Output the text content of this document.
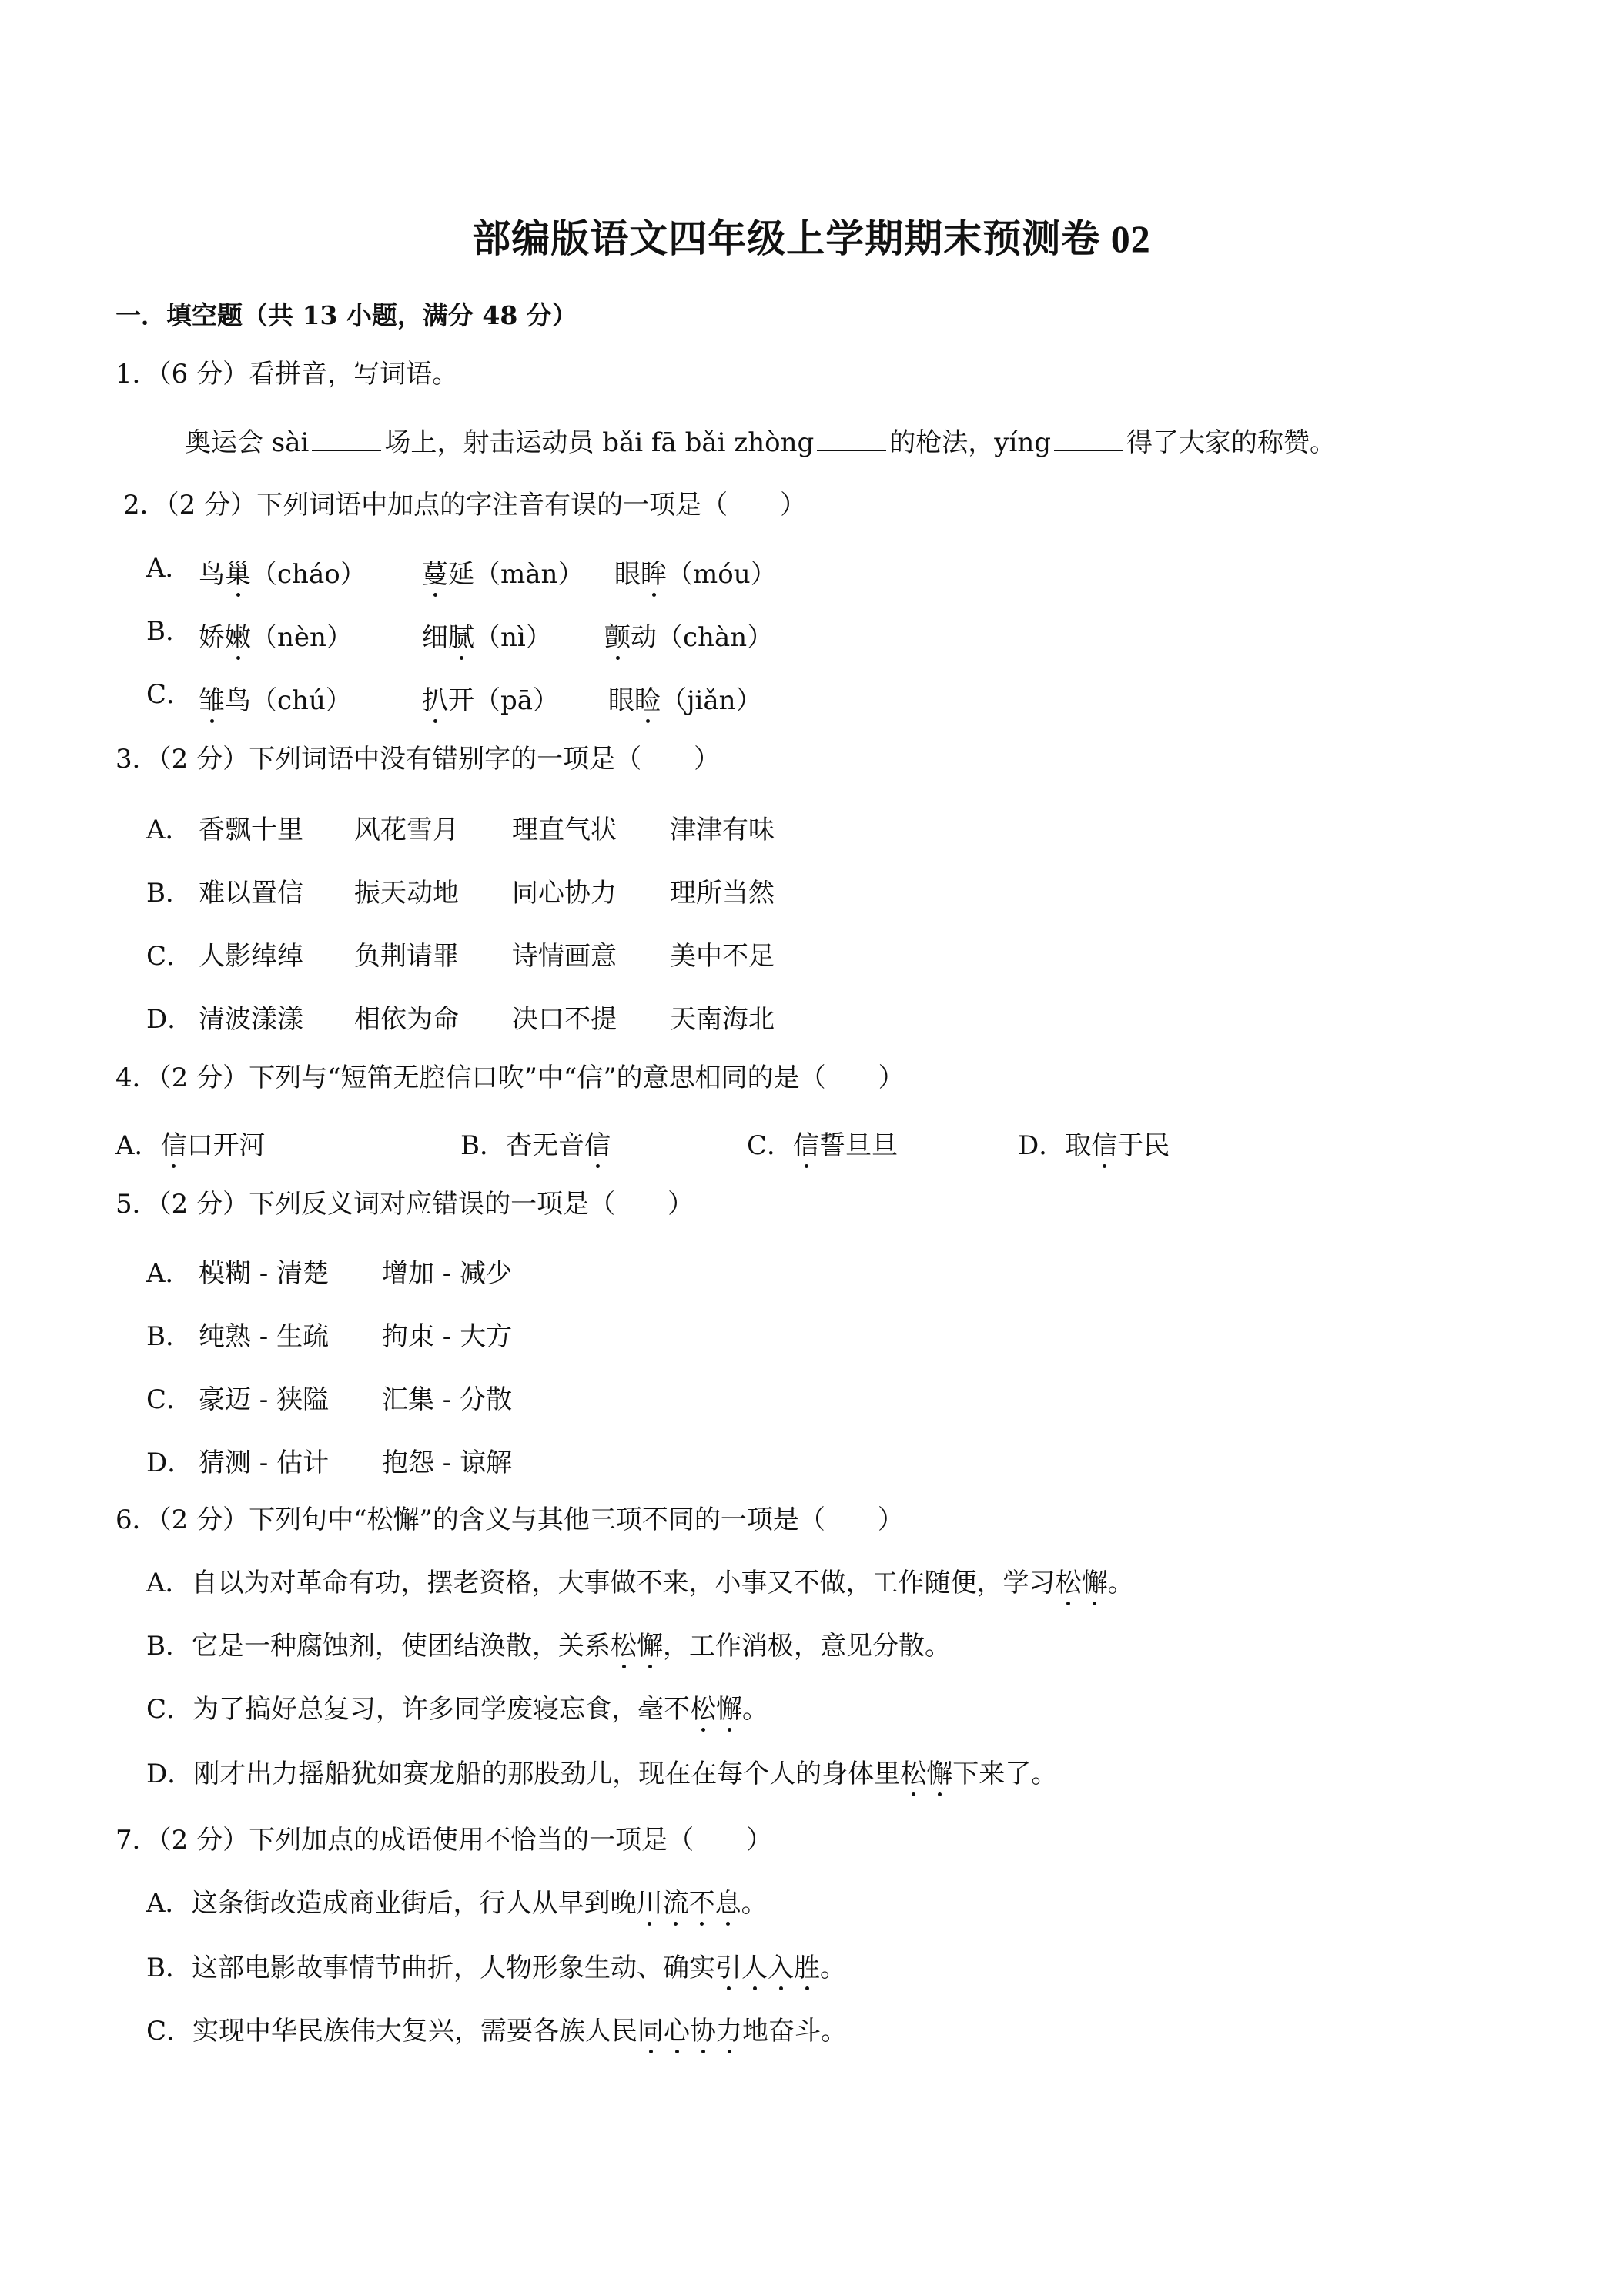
部编版语文四年级上学期期末预测卷 02
一．填空题（共 13 小题，满分 48 分）
1．（6 分）看拼音，写词语。
奥运会 sài	场上，射击运动员 bǎi fā bǎi zhòng	的枪法，yíng	得了大家的称赞。
2．（2 分）下列词语中加点的字注音有误的一项是（　　）
A． 鸟巢（cháo） 蔓延（màn） 眼眸（móu）
B． 娇嫩（nèn）	细腻（nì） 颤动（chàn）
C． 雏鸟（chú）	扒开（pā） 眼睑（jiǎn）
3．（2 分）下列词语中没有错别字的一项是（　　）
A． 香飘十里 风花雪月 理直气状 津津有味
B． 难以置信 振天动地 同心协力 理所当然
C． 人影绰绰 负荆请罪 诗情画意 美中不足
D． 清波漾漾 相依为命 决口不提 天南海北
4．（2 分）下列与“短笛无腔信口吹”中“信”的意思相同的是（　　）
A．信口开河	B．杳无音信	C．信誓旦旦	D．取信于民
5．（2 分）下列反义词对应错误的一项是（　　）
A． 模糊 - 清楚 增加 - 减少
B． 纯熟 - 生疏 拘束 - 大方
C． 豪迈 - 狭隘 汇集 - 分散
D． 猜测 - 估计 抱怨 - 谅解
6．（2 分）下列句中“松懈”的含义与其他三项不同的一项是（　　）
A．自以为对革命有功，摆老资格，大事做不来，小事又不做，工作随便，学习松懈。
B．它是一种腐蚀剂，使团结涣散，关系松懈，工作消极，意见分散。
C．为了搞好总复习，许多同学废寝忘食，毫不松懈。
D．刚才出力摇船犹如赛龙船的那股劲儿，现在在每个人的身体里松懈下来了。
7．（2 分）下列加点的成语使用不恰当的一项是（　　）
A．这条街改造成商业街后，行人从早到晚川流不息。
B．这部电影故事情节曲折，人物形象生动、确实引人入胜。
C．实现中华民族伟大复兴，需要各族人民同心协力地奋斗。
